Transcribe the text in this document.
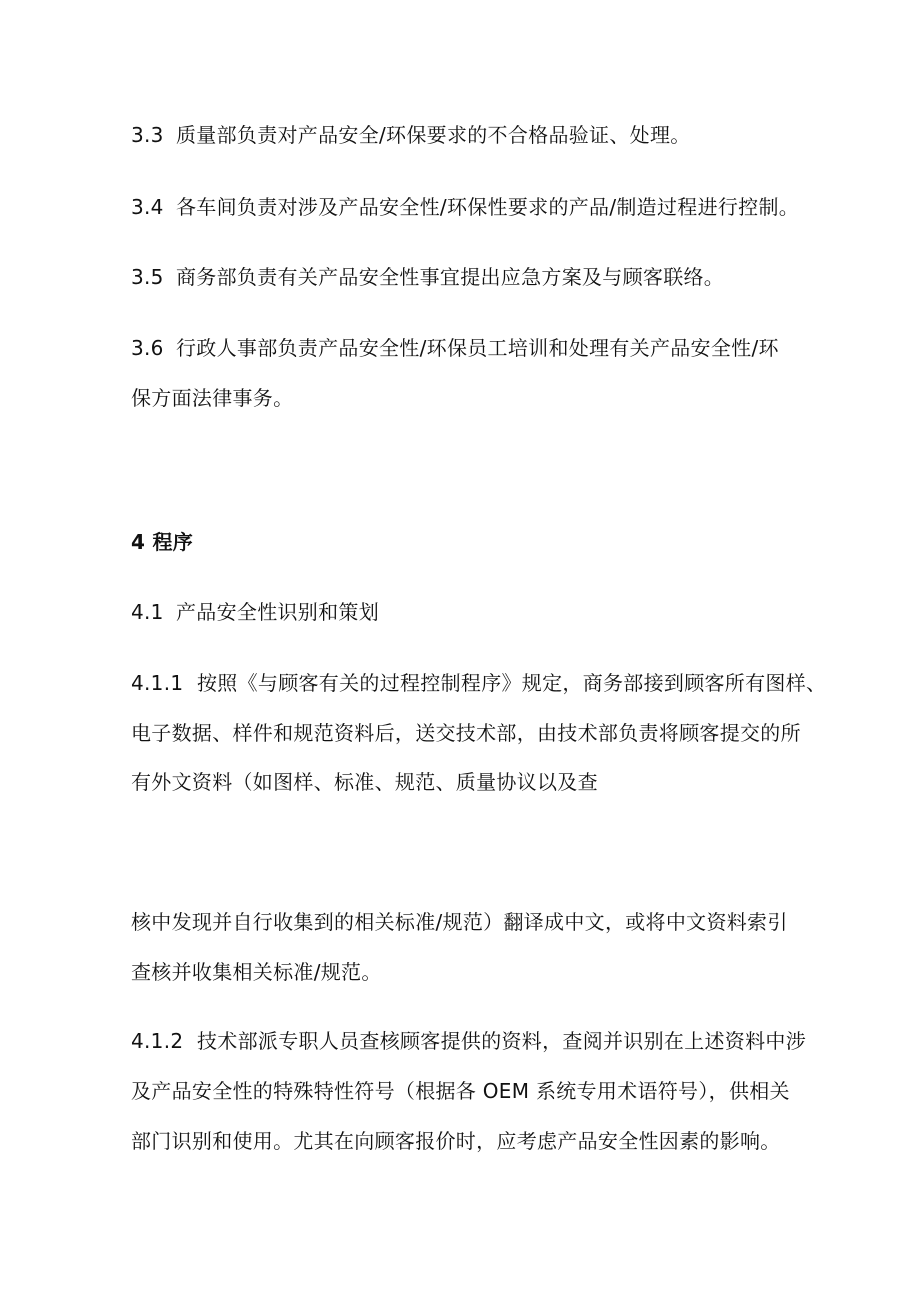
3.3 质量部负责对产品安全/环保要求的不合格品验证、处理。
3.4 各车间负责对涉及产品安全性/环保性要求的产品/制造过程进行控制。
3.5 商务部负责有关产品安全性事宜提出应急方案及与顾客联络。
3.6 行政人事部负责产品安全性/环保员工培训和处理有关产品安全性/环
保方面法律事务。
4 程序
4.1 产品安全性识别和策划
4.1.1 按照《与顾客有关的过程控制程序》规定，商务部接到顾客所有图样、
电子数据、样件和规范资料后，送交技术部，由技术部负责将顾客提交的所
有外文资料（如图样、标准、规范、质量协议以及查
核中发现并自行收集到的相关标准/规范）翻译成中文，或将中文资料索引
查核并收集相关标准/规范。
4.1.2 技术部派专职人员查核顾客提供的资料，查阅并识别在上述资料中涉
及产品安全性的特殊特性符号（根据各 OEM 系统专用术语符号），供相关
部门识别和使用。尤其在向顾客报价时，应考虑产品安全性因素的影响。
